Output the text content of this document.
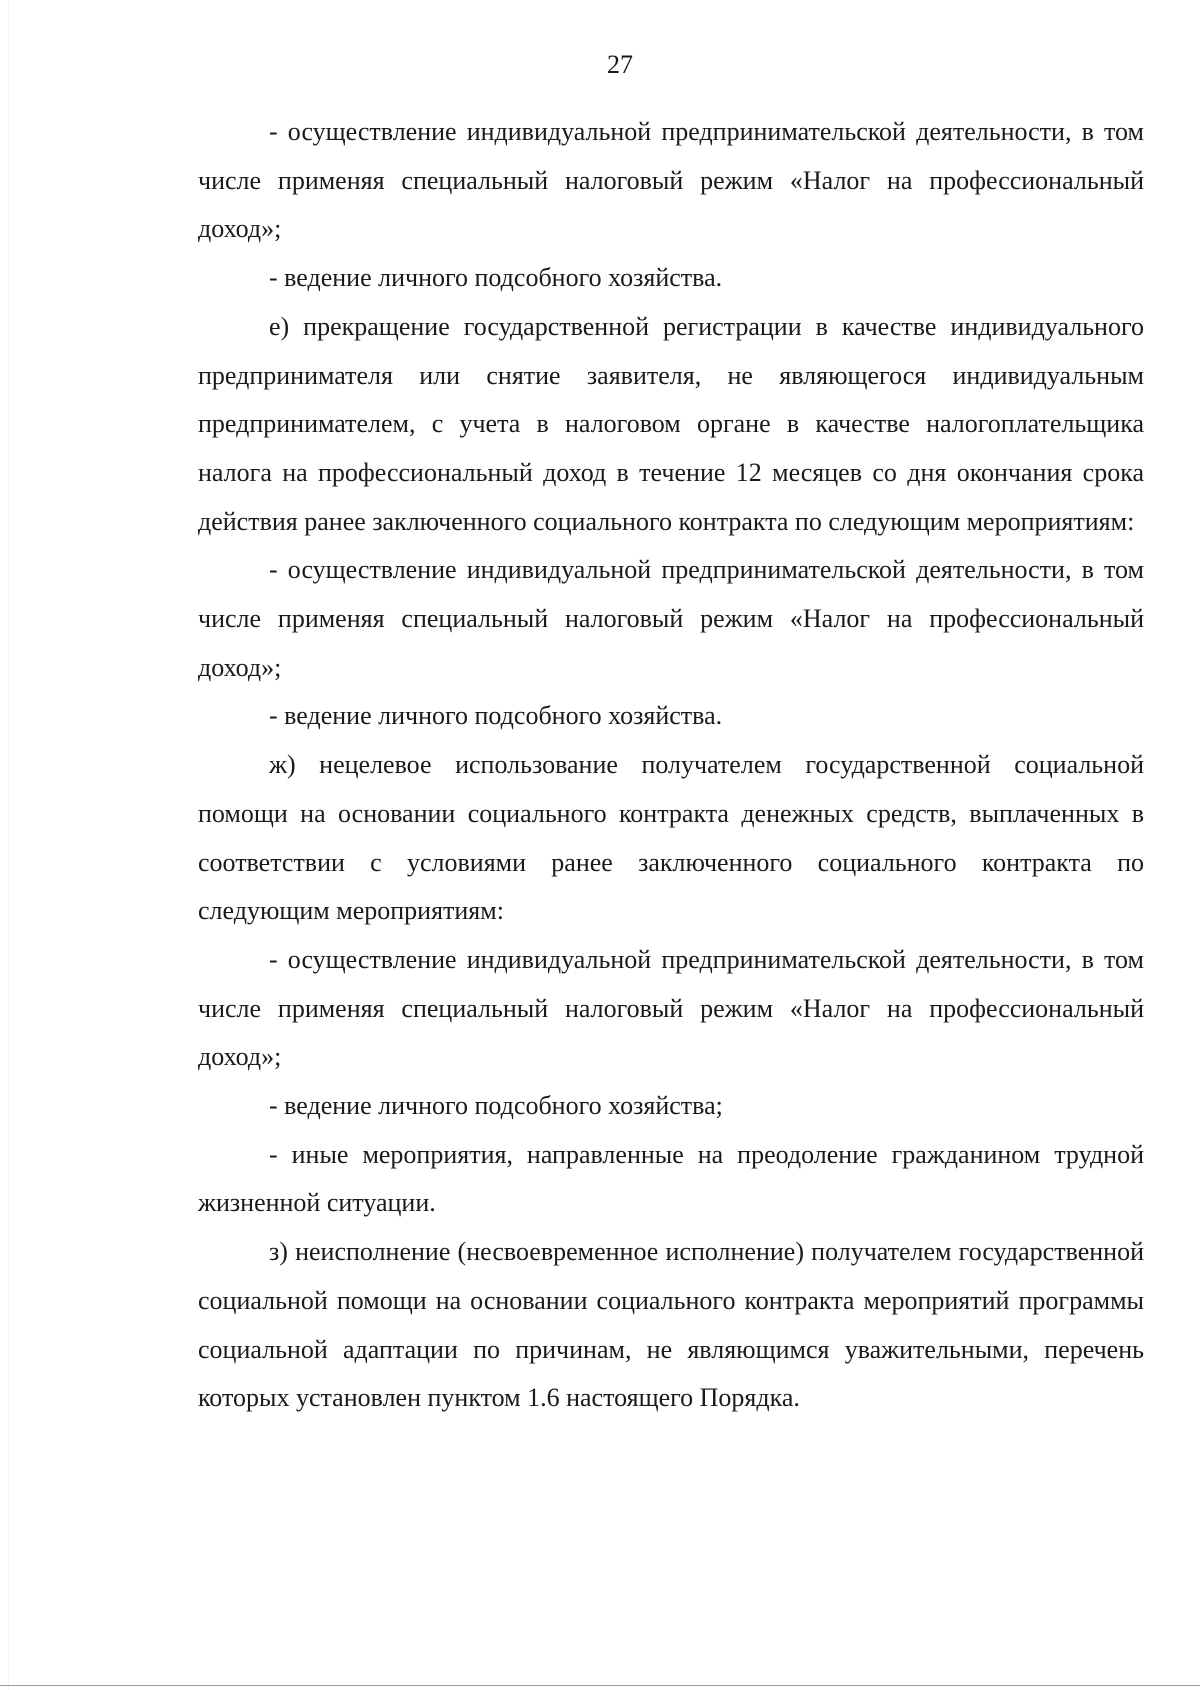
27

- осуществление индивидуальной предпринимательской деятельности, в том числе применяя специальный налоговый режим «Налог на профессиональный доход»;

- ведение личного подсобного хозяйства.

е) прекращение государственной регистрации в качестве индивидуального предпринимателя или снятие заявителя, не являющегося индивидуальным предпринимателем, с учета в налоговом органе в качестве налогоплательщика налога на профессиональный доход в течение 12 месяцев со дня окончания срока действия ранее заключенного социального контракта по следующим мероприятиям:

- осуществление индивидуальной предпринимательской деятельности, в том числе применяя специальный налоговый режим «Налог на профессиональный доход»;

- ведение личного подсобного хозяйства.

ж) нецелевое использование получателем государственной социальной помощи на основании социального контракта денежных средств, выплаченных в соответствии с условиями ранее заключенного социального контракта по следующим мероприятиям:

- осуществление индивидуальной предпринимательской деятельности, в том числе применяя специальный налоговый режим «Налог на профессиональный доход»;

- ведение личного подсобного хозяйства;

- иные мероприятия, направленные на преодоление гражданином трудной жизненной ситуации.

з) неисполнение (несвоевременное исполнение) получателем государственной социальной помощи на основании социального контракта мероприятий программы социальной адаптации по причинам, не являющимся уважительными, перечень которых установлен пунктом 1.6 настоящего Порядка.
